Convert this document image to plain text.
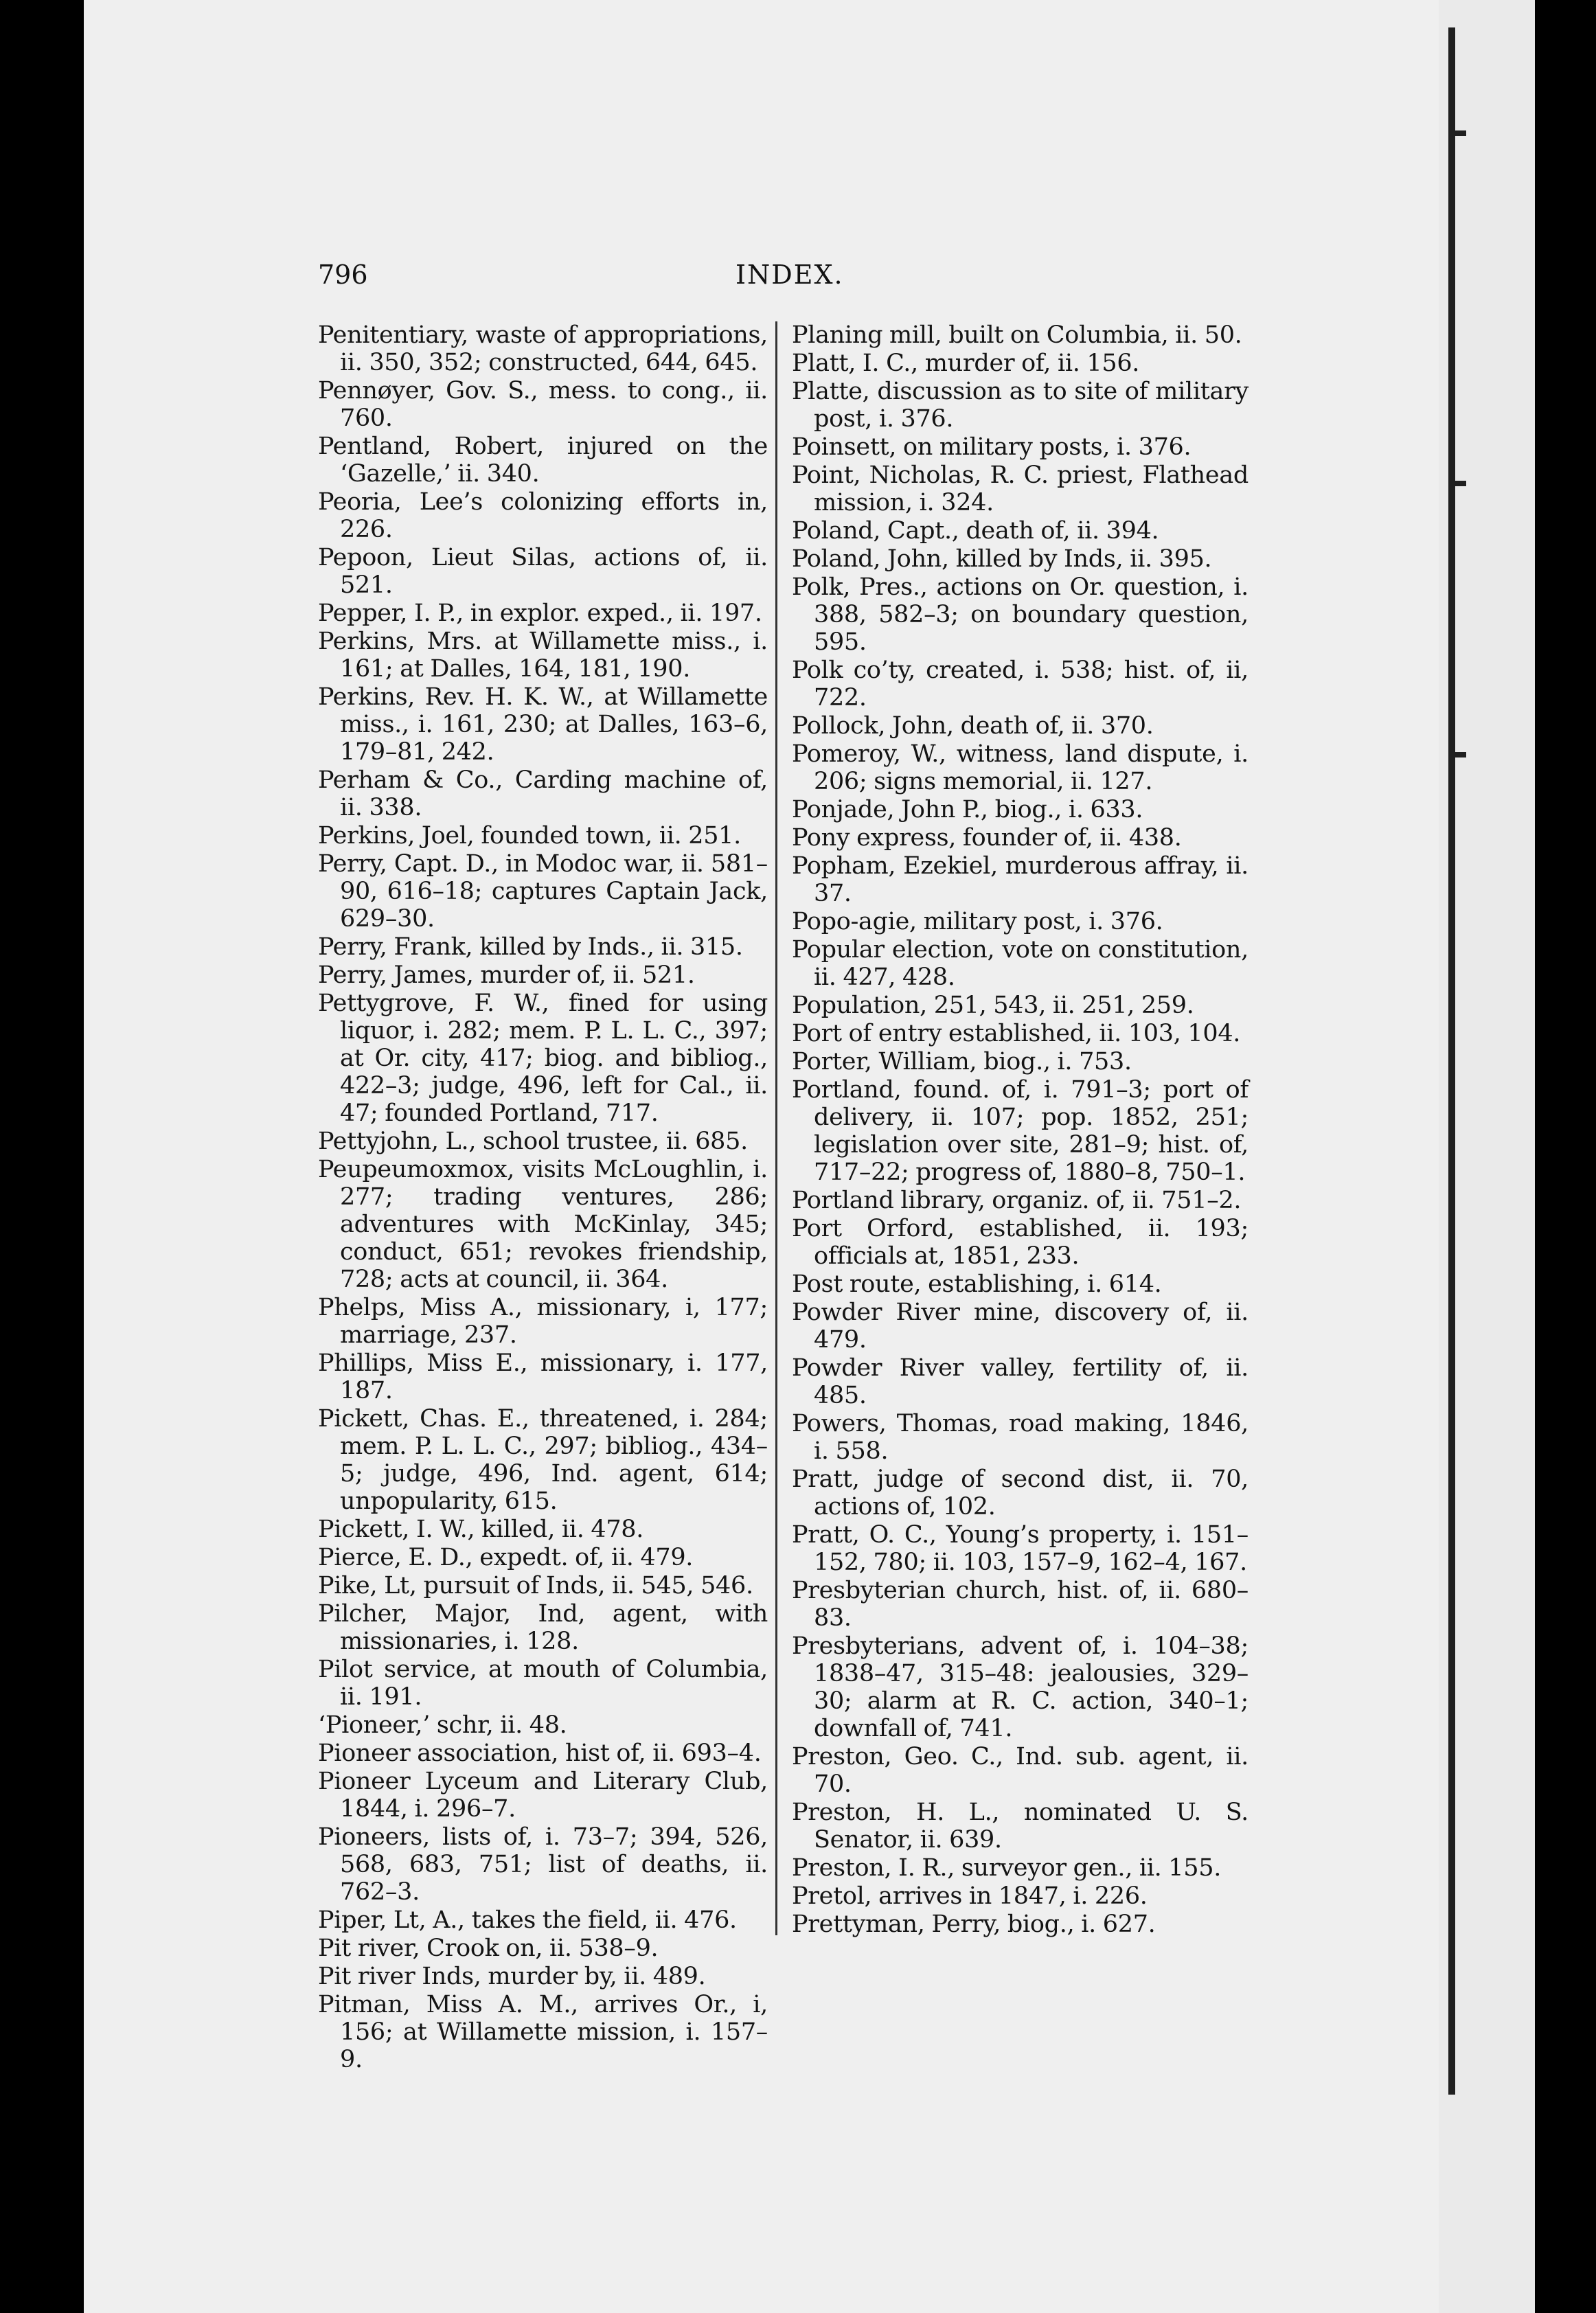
796	INDEX.

Penitentiary, waste of appropriations, ii. 350, 352; constructed, 644, 645.

Pennøyer, Gov. S., mess. to cong., ii. 760.

Pentland, Robert, injured on the ‘Gazelle,’ ii. 340.

Peoria, Lee’s colonizing efforts in, 226.

Pepoon, Lieut Silas, actions of, ii. 521.

Pepper, I. P., in explor. exped., ii. 197.

Perkins, Mrs. at Willamette miss., i. 161; at Dalles, 164, 181, 190.

Perkins, Rev. H. K. W., at Willamette miss., i. 161, 230; at Dalles, 163–6, 179–81, 242.

Perham & Co., Carding machine of, ii. 338.

Perkins, Joel, founded town, ii. 251.

Perry, Capt. D., in Modoc war, ii. 581–90, 616–18; captures Captain Jack, 629–30.

Perry, Frank, killed by Inds., ii. 315.

Perry, James, murder of, ii. 521.

Pettygrove, F. W., fined for using liquor, i. 282; mem. P. L. L. C., 397; at Or. city, 417; biog. and bibliog., 422–3; judge, 496, left for Cal., ii. 47; founded Portland, 717.

Pettyjohn, L., school trustee, ii. 685.

Peupeumoxmox, visits McLoughlin, i. 277; trading ventures, 286; adventures with McKinlay, 345; conduct, 651; revokes friendship, 728; acts at council, ii. 364.

Phelps, Miss A., missionary, i, 177; marriage, 237.

Phillips, Miss E., missionary, i. 177, 187.

Pickett, Chas. E., threatened, i. 284; mem. P. L. L. C., 297; bibliog., 434–5; judge, 496, Ind. agent, 614; unpopularity, 615.

Pickett, I. W., killed, ii. 478.

Pierce, E. D., expedt. of, ii. 479.

Pike, Lt, pursuit of Inds, ii. 545, 546.

Pilcher, Major, Ind, agent, with missionaries, i. 128.

Pilot service, at mouth of Columbia, ii. 191.

‘Pioneer,’ schr, ii. 48.

Pioneer association, hist of, ii. 693–4.

Pioneer Lyceum and Literary Club, 1844, i. 296–7.

Pioneers, lists of, i. 73–7; 394, 526, 568, 683, 751; list of deaths, ii. 762–3.

Piper, Lt, A., takes the field, ii. 476.

Pit river, Crook on, ii. 538–9.

Pit river Inds, murder by, ii. 489.

Pitman, Miss A. M., arrives Or., i, 156; at Willamette mission, i. 157–9.

Planing mill, built on Columbia, ii. 50.

Platt, I. C., murder of, ii. 156.

Platte, discussion as to site of military post, i. 376.

Poinsett, on military posts, i. 376.

Point, Nicholas, R. C. priest, Flathead mission, i. 324.

Poland, Capt., death of, ii. 394.

Poland, John, killed by Inds, ii. 395.

Polk, Pres., actions on Or. question, i. 388, 582–3; on boundary question, 595.

Polk co’ty, created, i. 538; hist. of, ii, 722.

Pollock, John, death of, ii. 370.

Pomeroy, W., witness, land dispute, i. 206; signs memorial, ii. 127.

Ponjade, John P., biog., i. 633.

Pony express, founder of, ii. 438.

Popham, Ezekiel, murderous affray, ii. 37.

Popo-agie, military post, i. 376.

Popular election, vote on constitution, ii. 427, 428.

Population, 251, 543, ii. 251, 259.

Port of entry established, ii. 103, 104.

Porter, William, biog., i. 753.

Portland, found. of, i. 791–3; port of delivery, ii. 107; pop. 1852, 251; legislation over site, 281–9; hist. of, 717–22; progress of, 1880–8, 750–1.

Portland library, organiz. of, ii. 751–2.

Port Orford, established, ii. 193; officials at, 1851, 233.

Post route, establishing, i. 614.

Powder River mine, discovery of, ii. 479.

Powder River valley, fertility of, ii. 485.

Powers, Thomas, road making, 1846, i. 558.

Pratt, judge of second dist, ii. 70, actions of, 102.

Pratt, O. C., Young’s property, i. 151–152, 780; ii. 103, 157–9, 162–4, 167.

Presbyterian church, hist. of, ii. 680–83.

Presbyterians, advent of, i. 104–38; 1838–47, 315–48: jealousies, 329–30; alarm at R. C. action, 340–1; downfall of, 741.

Preston, Geo. C., Ind. sub. agent, ii. 70.

Preston, H. L., nominated U. S. Senator, ii. 639.

Preston, I. R., surveyor gen., ii. 155.

Pretol, arrives in 1847, i. 226.

Prettyman, Perry, biog., i. 627.
